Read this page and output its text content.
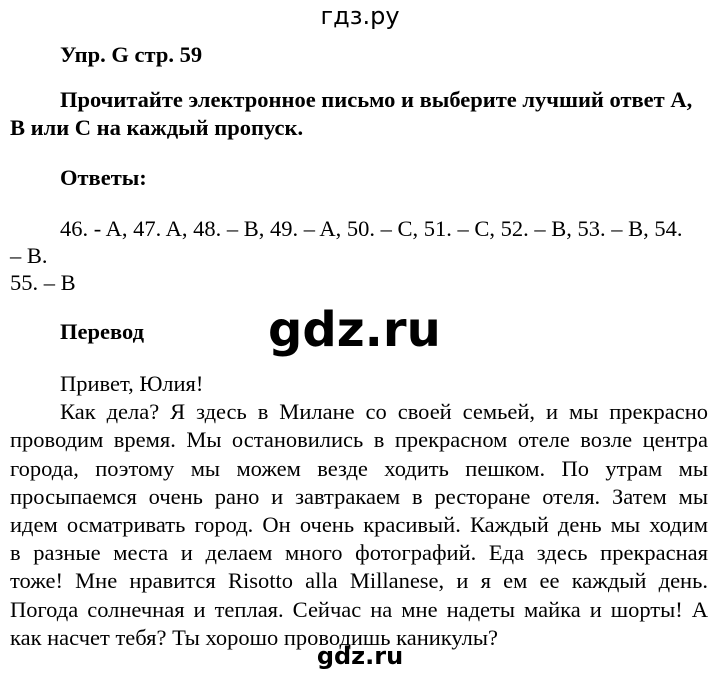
гдз.ру
Упр. G стр. 59
Прочитайте электронное письмо и выберите лучший ответ A,
B или C на каждый пропуск.
Ответы:
46. - A, 47. A, 48. – B, 49. – A, 50. – C, 51. – C, 52. – B, 53. – B, 54.
– B.
55. – B
Перевод
Привет, Юлия!
Как дела? Я здесь в Милане со своей семьей, и мы прекрасно
проводим время. Мы остановились в прекрасном отеле возле центра
города, поэтому мы можем везде ходить пешком. По утрам мы
просыпаемся очень рано и завтракаем в ресторане отеля. Затем мы
идем осматривать город. Он очень красивый. Каждый день мы ходим
в разные места и делаем много фотографий. Еда здесь прекрасная
тоже! Мне нравится Risotto alla Millanese, и я ем ее каждый день.
Погода солнечная и теплая. Сейчас на мне надеты майка и шорты! А
как насчет тебя? Ты хорошо проводишь каникулы?
gdz.ru
gdz.ru
